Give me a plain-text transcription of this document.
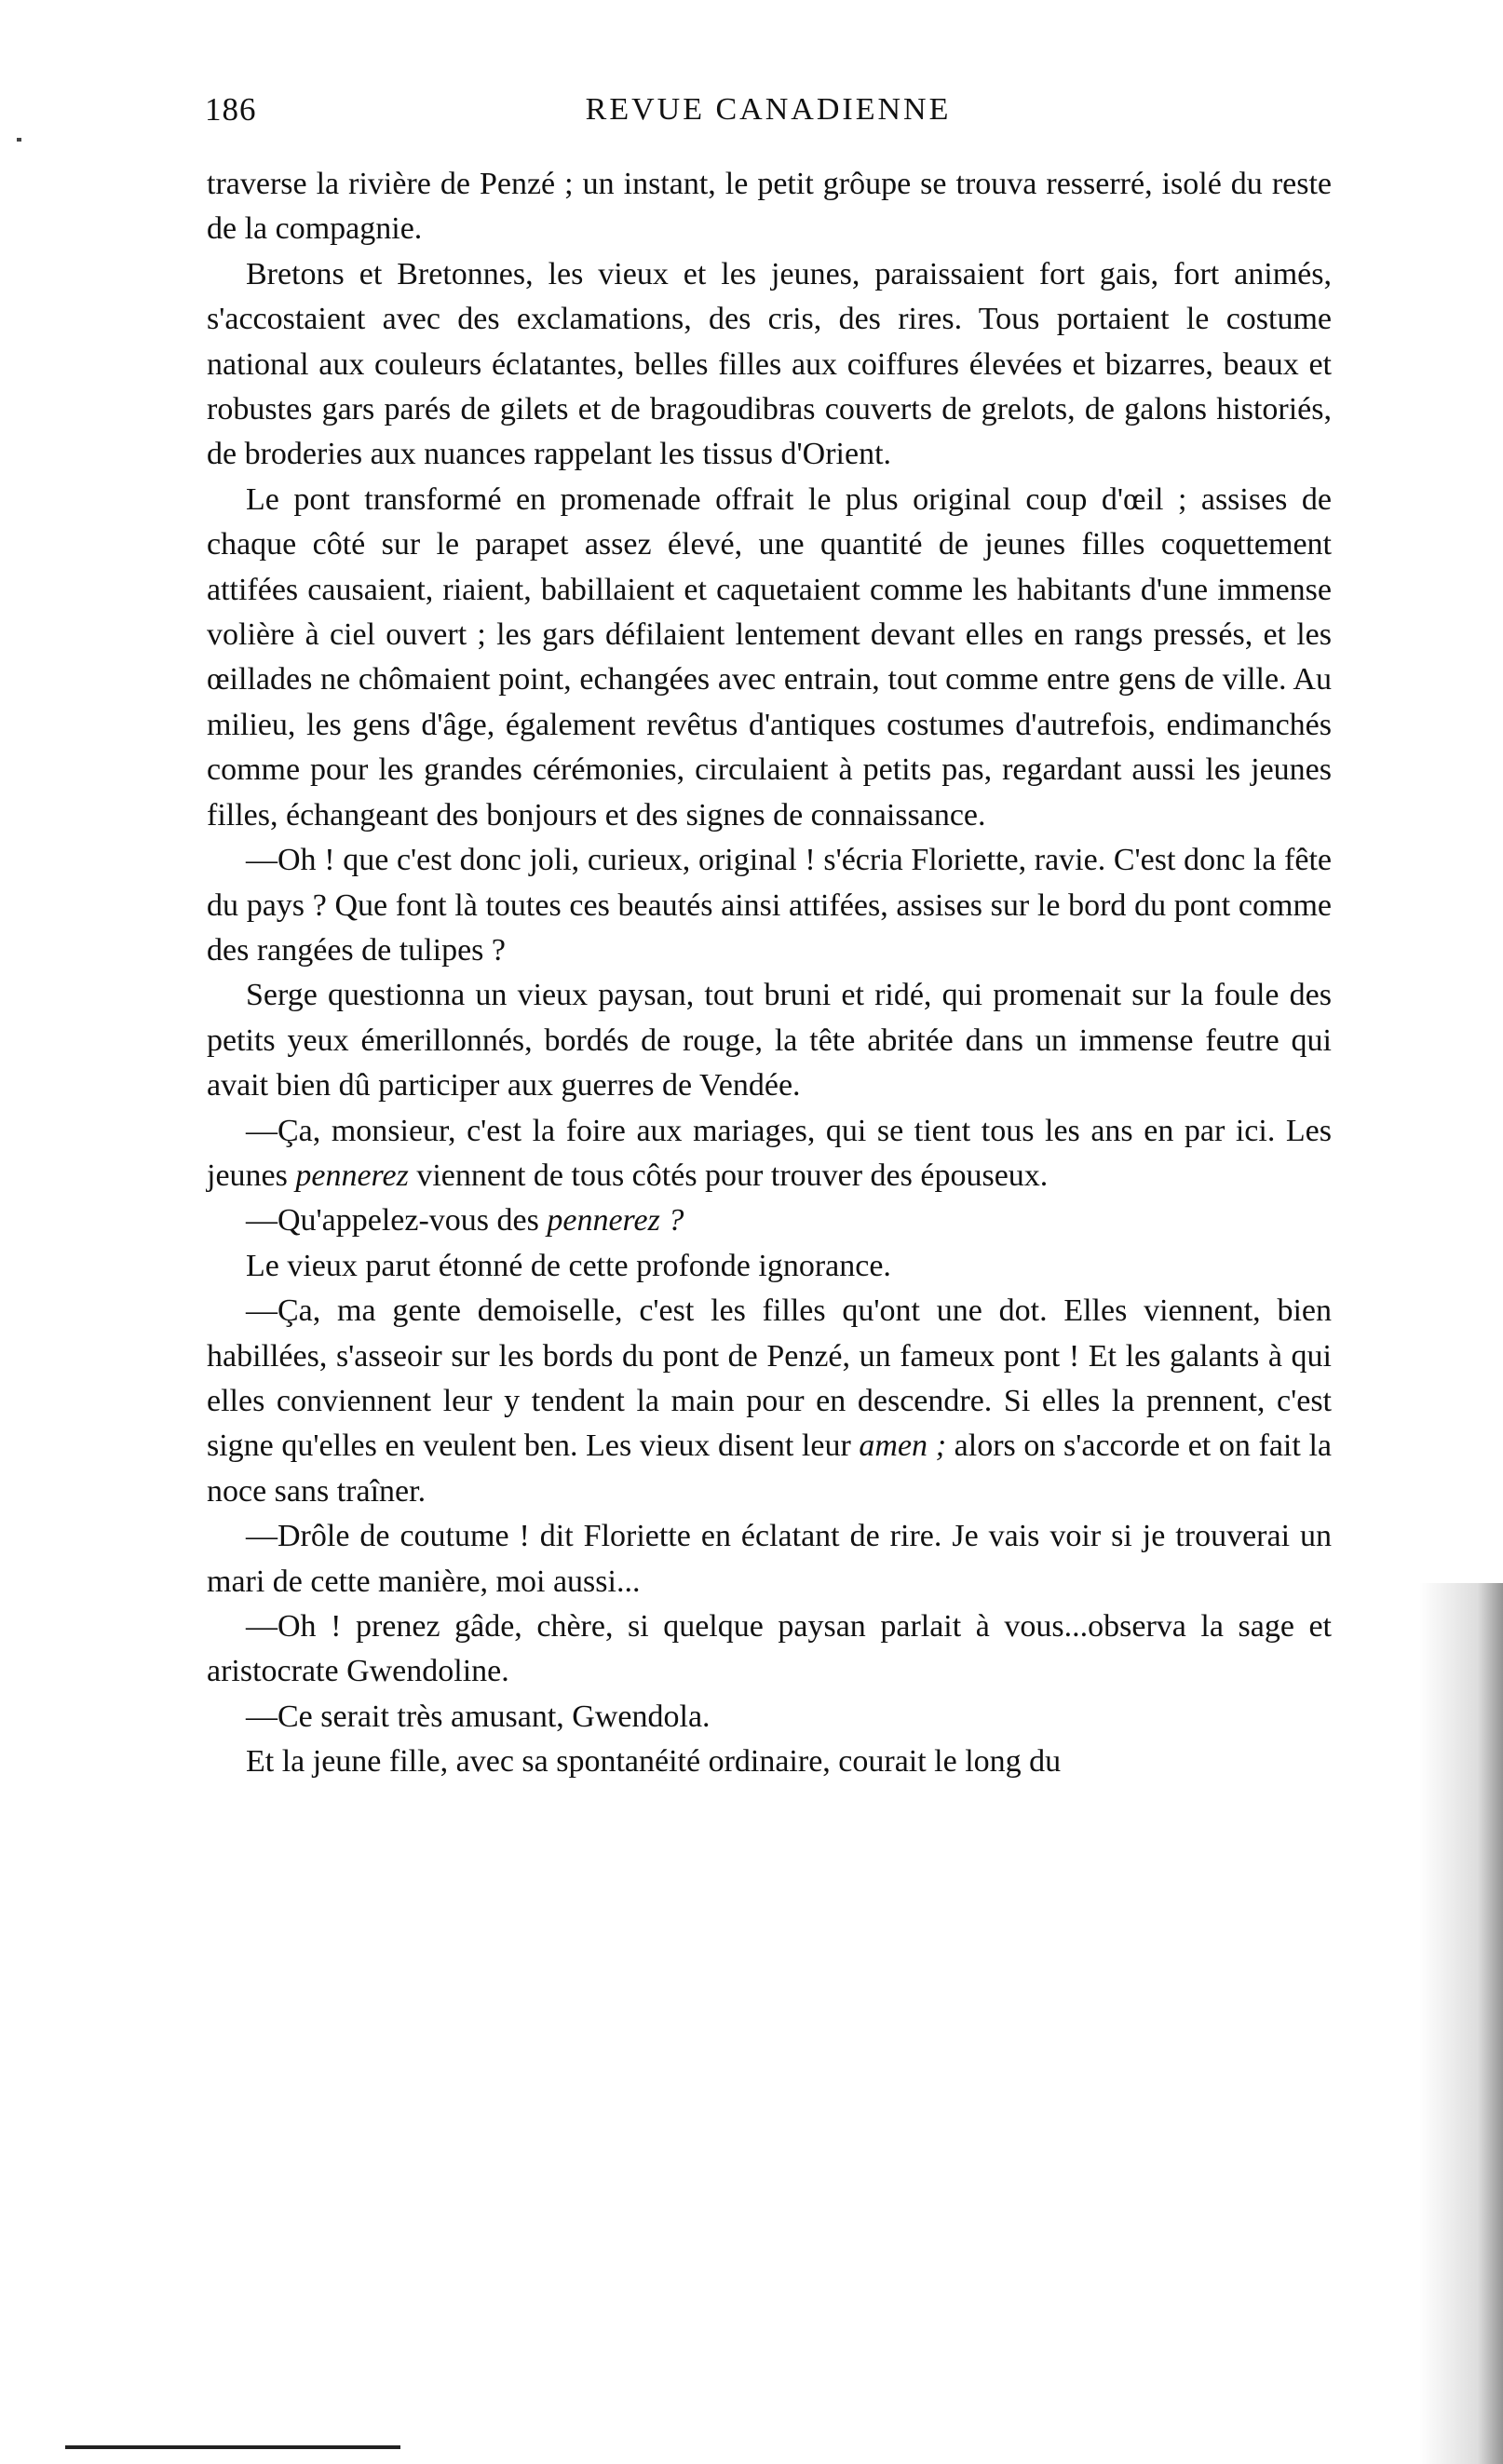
186	REVUE CANADIENNE

traverse la rivière de Penzé ; un instant, le petit grôupe se trouva resserré, isolé du reste de la compagnie.

Bretons et Bretonnes, les vieux et les jeunes, paraissaient fort gais, fort animés, s'accostaient avec des exclamations, des cris, des rires. Tous portaient le costume national aux couleurs éclatantes, belles filles aux coiffures élevées et bizarres, beaux et robustes gars parés de gilets et de bragoudibras couverts de grelots, de galons historiés, de broderies aux nuances rappelant les tissus d'Orient.

Le pont transformé en promenade offrait le plus original coup d'œil ; assises de chaque côté sur le parapet assez élevé, une quantité de jeunes filles coquettement attifées causaient, riaient, babillaient et caquetaient comme les habitants d'une immense volière à ciel ouvert ; les gars défilaient lentement devant elles en rangs pressés, et les œillades ne chômaient point, echangées avec entrain, tout comme entre gens de ville. Au milieu, les gens d'âge, également revêtus d'antiques costumes d'autrefois, endimanchés comme pour les grandes cérémonies, circulaient à petits pas, regardant aussi les jeunes filles, échangeant des bonjours et des signes de connaissance.

—Oh ! que c'est donc joli, curieux, original ! s'écria Floriette, ravie. C'est donc la fête du pays ? Que font là toutes ces beautés ainsi attifées, assises sur le bord du pont comme des rangées de tulipes ?

Serge questionna un vieux paysan, tout bruni et ridé, qui promenait sur la foule des petits yeux émerillonnés, bordés de rouge, la tête abritée dans un immense feutre qui avait bien dû participer aux guerres de Vendée.

—Ça, monsieur, c'est la foire aux mariages, qui se tient tous les ans en par ici. Les jeunes pennerez viennent de tous côtés pour trouver des épouseux.

—Qu'appelez-vous des pennerez ?

Le vieux parut étonné de cette profonde ignorance.

—Ça, ma gente demoiselle, c'est les filles qu'ont une dot. Elles viennent, bien habillées, s'asseoir sur les bords du pont de Penzé, un fameux pont ! Et les galants à qui elles conviennent leur y tendent la main pour en descendre. Si elles la prennent, c'est signe qu'elles en veulent ben. Les vieux disent leur amen ; alors on s'accorde et on fait la noce sans traîner.

—Drôle de coutume ! dit Floriette en éclatant de rire. Je vais voir si je trouverai un mari de cette manière, moi aussi...

—Oh ! prenez gâde, chère, si quelque paysan parlait à vous...observa la sage et aristocrate Gwendoline.

—Ce serait très amusant, Gwendola.

Et la jeune fille, avec sa spontanéité ordinaire, courait le long du
